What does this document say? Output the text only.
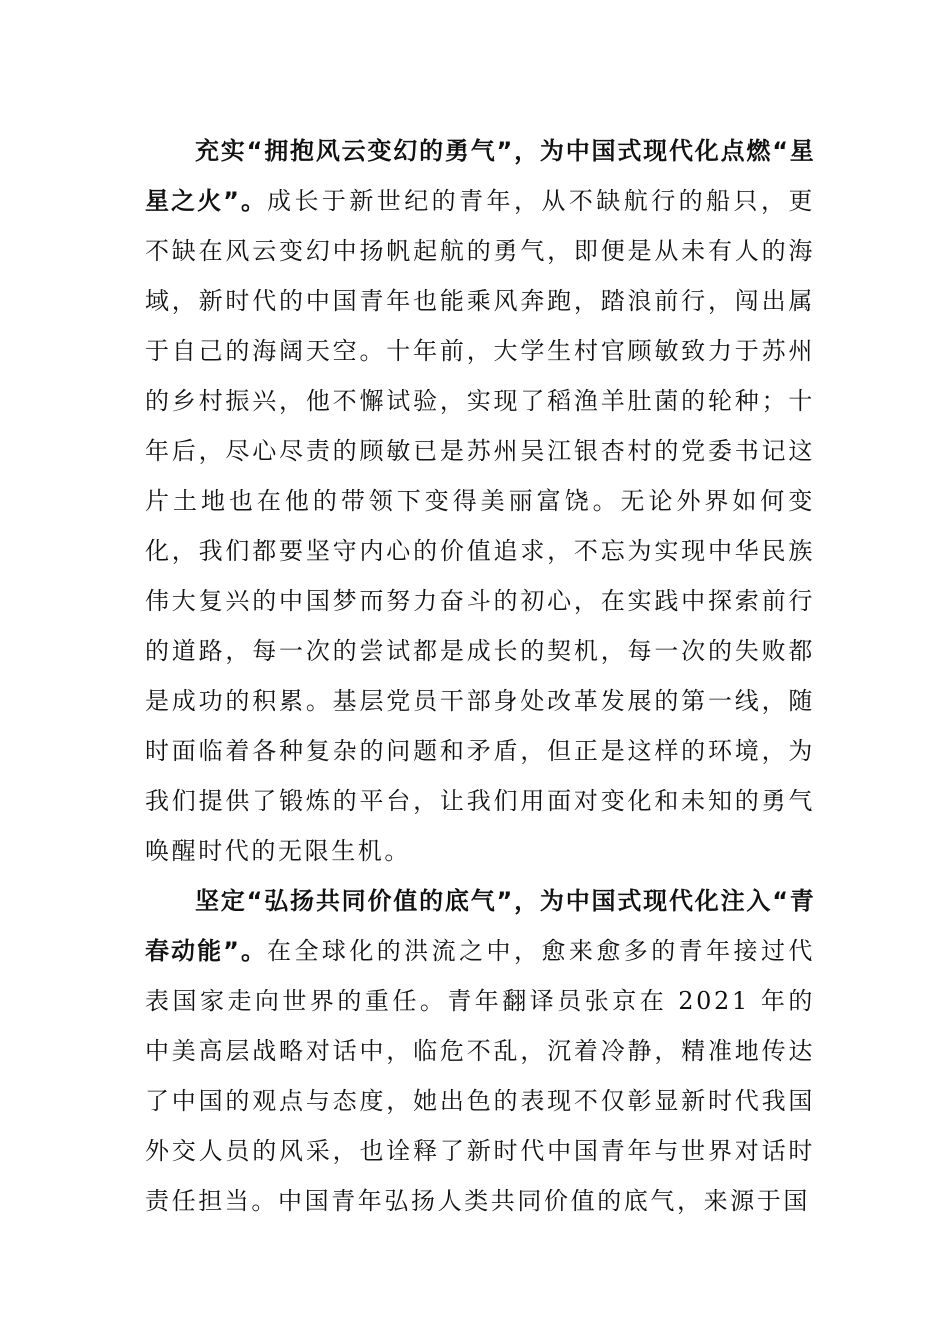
充实“拥抱风云变幻的勇气”，为中国式现代化点燃“星星之火”。成长于新世纪的青年，从不缺航行的船只，更不缺在风云变幻中扬帆起航的勇气，即便是从未有人的海域，新时代的中国青年也能乘风奔跑，踏浪前行，闯出属于自己的海阔天空。十年前，大学生村官顾敏致力于苏州的乡村振兴，他不懈试验，实现了稻渔羊肚菌的轮种；十年后，尽心尽责的顾敏已是苏州吴江银杏村的党委书记这片土地也在他的带领下变得美丽富饶。无论外界如何变化，我们都要坚守内心的价值追求，不忘为实现中华民族伟大复兴的中国梦而努力奋斗的初心，在实践中探索前行的道路，每一次的尝试都是成长的契机，每一次的失败都是成功的积累。基层党员干部身处改革发展的第一线，随时面临着各种复杂的问题和矛盾，但正是这样的环境，为我们提供了锻炼的平台，让我们用面对变化和未知的勇气唤醒时代的无限生机。

坚定“弘扬共同价值的底气”，为中国式现代化注入“青春动能”。在全球化的洪流之中，愈来愈多的青年接过代表国家走向世界的重任。青年翻译员张京在 2021 年的中美高层战略对话中，临危不乱，沉着冷静，精准地传达了中国的观点与态度，她出色的表现不仅彰显新时代我国外交人员的风采，也诠释了新时代中国青年与世界对话时责任担当。中国青年弘扬人类共同价值的底气，来源于国
